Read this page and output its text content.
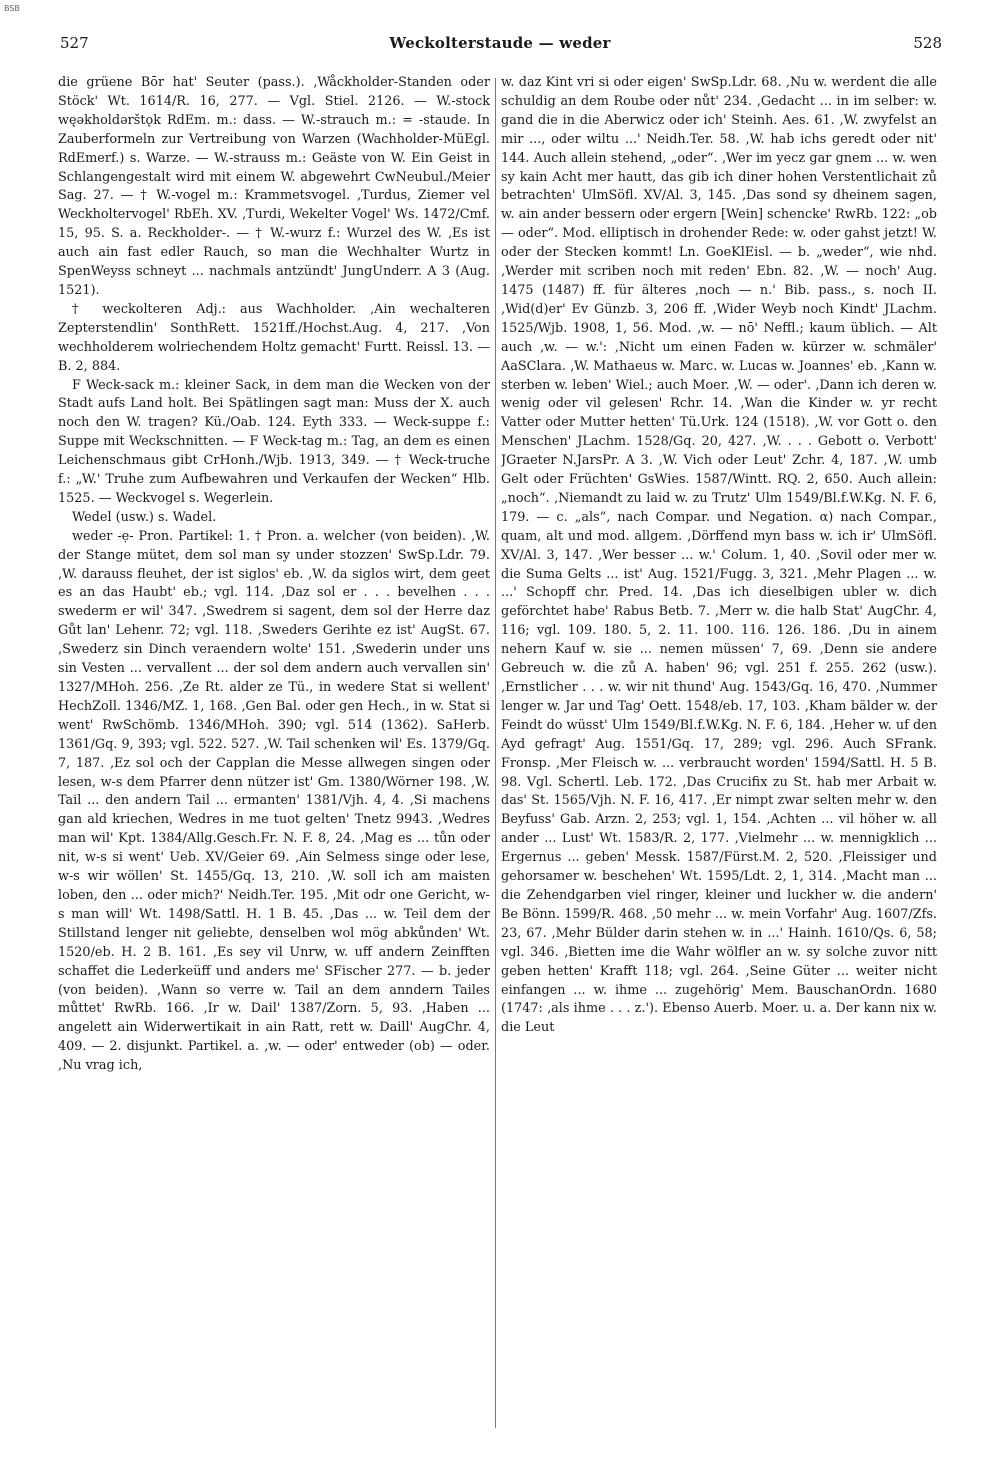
BSB
527	Weckolterstaude — weder	528

die grüene Bōr hat' Seuter (pass.). ‚Wåckholder-Standen oder Stöck' Wt. 1614/R. 16, 277. — Vgl. Stiel. 2126. — W.-stock węəkholdərštǫk RdEm. m.: dass. — W.-strauch m.: = -staude. In Zauberformeln zur Vertreibung von Warzen (Wachholder-MüEgl. RdEmerf.) s. Warze. — W.-strauss m.: Geäste von W. Ein Geist in Schlangengestalt wird mit einem W. abgewehrt CwNeubul./Meier Sag. 27. — † W.-vogel m.: Krammetsvogel. ‚Turdus, Ziemer vel Weckholtervogel' RbEh. XV. ‚Turdi, Wekelter Vogel' Ws. 1472/Cmf. 15, 95. S. a. Reckholder-. — † W.-wurz f.: Wurzel des W. ‚Es ist auch ain fast edler Rauch, so man die Wechhalter Wurtz in SpenWeyss schneyt ... nachmals antzündt' JungUnderr. A 3 (Aug. 1521).

† weckolteren Adj.: aus Wachholder. ‚Ain wechalteren Zepterstendlin' SonthRett. 1521ff./Hochst.Aug. 4, 217. ‚Von wechholderem wolriechendem Holtz gemacht' Furtt. Reissl. 13. — B. 2, 884.

F Weck-sack m.: kleiner Sack, in dem man die Wecken von der Stadt aufs Land holt. Bei Spätlingen sagt man: Muss der X. auch noch den W. tragen? Kü./Oab. 124. Eyth 333. — Weck-suppe f.: Suppe mit Weckschnitten. — F Weck-tag m.: Tag, an dem es einen Leichenschmaus gibt CrHonh./Wjb. 1913, 349. — † Weck-truche f.: „W.' Truhe zum Aufbewahren und Verkaufen der Wecken“ Hlb. 1525. — Weckvogel s. Wegerlein.

Wedel (usw.) s. Wadel.

weder -ẹ- Pron. Partikel: 1. † Pron. a. welcher (von beiden). ‚W. der Stange mütet, dem sol man sy under stozzen' SwSp.Ldr. 79. ‚W. darauss fleuhet, der ist siglos' eb. ‚W. da siglos wirt, dem geet es an das Haubt' eb.; vgl. 114. ‚Daz sol er . . . bevelhen . . . swederm er wil' 347. ‚Swedrem si sagent, dem sol der Herre daz Gůt lan' Lehenr. 72; vgl. 118. ‚Sweders Gerihte ez ist' AugSt. 67. ‚Swederz sin Dinch veraendern wolte' 151. ‚Swederin under uns sin Vesten ... vervallent ... der sol dem andern auch vervallen sin' 1327/MHoh. 256. ‚Ze Rt. alder ze Tü., in wedere Stat si wellent' HechZoll. 1346/MZ. 1, 168. ‚Gen Bal. oder gen Hech., in w. Stat si went' RwSchömb. 1346/MHoh. 390; vgl. 514 (1362). SaHerb. 1361/Gq. 9, 393; vgl. 522. 527. ‚W. Tail schenken wil' Es. 1379/Gq. 7, 187. ‚Ez sol och der Capplan die Messe allwegen singen oder lesen, w-s dem Pfarrer denn nützer ist' Gm. 1380/Wörner 198. ‚W. Tail ... den andern Tail ... ermanten' 1381/Vjh. 4, 4. ‚Si machens gan ald kriechen, Wedres in me tuot gelten' Tnetz 9943. ‚Wedres man wil' Kpt. 1384/Allg.Gesch.Fr. N. F. 8, 24. ‚Mag es ... tůn oder nit, w-s si went' Ueb. XV/Geier 69. ‚Ain Selmess singe oder lese, w-s wir wöllen' St. 1455/Gq. 13, 210. ‚W. soll ich am maisten loben, den ... oder mich?' Neidh.Ter. 195. ‚Mit odr one Gericht, w-s man will' Wt. 1498/Sattl. H. 1 B. 45. ‚Das ... w. Teil dem der Stillstand lenger nit geliebte, denselben wol mög abkůnden' Wt. 1520/eb. H. 2 B. 161. ‚Es sey vil Unrw, w. uff andern Zeinfften schaffet die Lederkeüff und anders me' SFischer 277. — b. jeder (von beiden). ‚Wann so verre w. Tail an dem anndern Tailes můttet' RwRb. 166. ‚Ir w. Dail' 1387/Zorn. 5, 93. ‚Haben ... angelett ain Widerwertikait in ain Ratt, rett w. Daill' AugChr. 4, 409. — 2. disjunkt. Partikel. a. ‚w. — oder' entweder (ob) — oder. ‚Nu vrag ich,

w. daz Kint vri si oder eigen' SwSp.Ldr. 68. ‚Nu w. werdent die alle schuldig an dem Roube oder nůt' 234. ‚Gedacht ... in im selber: w. gand die in die Aberwicz oder ich' Steinh. Aes. 61. ‚W. zwyfelst an mir ..., oder wiltu ...' Neidh.Ter. 58. ‚W. hab ichs geredt oder nit' 144. Auch allein stehend, „oder“. ‚Wer im yecz gar gnem ... w. wen sy kain Acht mer hautt, das gib ich diner hohen Verstentlichait zů betrachten' UlmSöfl. XV/Al. 3, 145. ‚Das sond sy dheinem sagen, w. ain ander bessern oder ergern [Wein] schencke' RwRb. 122: „ob — oder“. Mod. elliptisch in drohender Rede: w. oder gahst jetzt! W. oder der Stecken kommt! Ln. GoeKlEisl. — b. „weder“, wie nhd. ‚Werder mit scriben noch mit reden' Ebn. 82. ‚W. — noch' Aug. 1475 (1487) ff. für älteres ‚noch — n.' Bib. pass., s. noch II. ‚Wid(d)er' Ev Günzb. 3, 206 ff. ‚Wider Weyb noch Kindt' JLachm. 1525/Wjb. 1908, 1, 56. Mod. ‚w. — nō' Neffl.; kaum üblich. — Alt auch ‚w. — w.': ‚Nicht um einen Faden w. kürzer w. schmäler' AaSClara. ‚W. Mathaeus w. Marc. w. Lucas w. Joannes' eb. ‚Kann w. sterben w. leben' Wiel.; auch Moer. ‚W. — oder'. ‚Dann ich deren w. wenig oder vil gelesen' Rchr. 14. ‚Wan die Kinder w. yr recht Vatter oder Mutter hetten' Tü.Urk. 124 (1518). ‚W. vor Gott o. den Menschen' JLachm. 1528/Gq. 20, 427. ‚W. . . . Gebott o. Verbott' JGraeter N.JarsPr. A 3. ‚W. Vich oder Leut' Zchr. 4, 187. ‚W. umb Gelt oder Früchten' GsWies. 1587/Wintt. RQ. 2, 650. Auch allein: „noch“. ‚Niemandt zu laid w. zu Trutz' Ulm 1549/Bl.f.W.Kg. N. F. 6, 179. — c. „als“, nach Compar. und Negation. α) nach Compar., quam, alt und mod. allgem. ‚Dörffend myn bass w. ich ir' UlmSöfl. XV/Al. 3, 147. ‚Wer besser ... w.' Colum. 1, 40. ‚Sovil oder mer w. die Suma Gelts ... ist' Aug. 1521/Fugg. 3, 321. ‚Mehr Plagen ... w. ...' Schopff chr. Pred. 14. ‚Das ich dieselbigen ubler w. dich geförchtet habe' Rabus Betb. 7. ‚Merr w. die halb Stat' AugChr. 4, 116; vgl. 109. 180. 5, 2. 11. 100. 116. 126. 186. ‚Du in ainem nehern Kauf w. sie ... nemen müssen' 7, 69. ‚Denn sie andere Gebreuch w. die zů A. haben' 96; vgl. 251 f. 255. 262 (usw.). ‚Ernstlicher . . . w. wir nit thund' Aug. 1543/Gq. 16, 470. ‚Nummer lenger w. Jar und Tag' Oett. 1548/eb. 17, 103. ‚Kham bälder w. der Feindt do wüsst' Ulm 1549/Bl.f.W.Kg. N. F. 6, 184. ‚Heher w. uf den Ayd gefragt' Aug. 1551/Gq. 17, 289; vgl. 296. Auch SFrank. Fronsp. ‚Mer Fleisch w. ... verbraucht worden' 1594/Sattl. H. 5 B. 98. Vgl. Schertl. Leb. 172. ‚Das Crucifix zu St. hab mer Arbait w. das' St. 1565/Vjh. N. F. 16, 417. ‚Er nimpt zwar selten mehr w. den Beyfuss' Gab. Arzn. 2, 253; vgl. 1, 154. ‚Achten ... vil höher w. all ander ... Lust' Wt. 1583/R. 2, 177. ‚Vielmehr ... w. mennigklich ... Ergernus ... geben' Messk. 1587/Fürst.M. 2, 520. ‚Fleissiger und gehorsamer w. beschehen' Wt. 1595/Ldt. 2, 1, 314. ‚Macht man ... die Zehendgarben viel ringer, kleiner und luckher w. die andern' Be Bönn. 1599/R. 468. ‚50 mehr ... w. mein Vorfahr' Aug. 1607/Zfs. 23, 67. ‚Mehr Bülder darin stehen w. in ...' Hainh. 1610/Qs. 6, 58; vgl. 346. ‚Bietten ime die Wahr wölfler an w. sy solche zuvor nitt geben hetten' Krafft 118; vgl. 264. ‚Seine Güter ... weiter nicht einfangen ... w. ihme ... zugehörig' Mem. BauschanOrdn. 1680 (1747: ‚als ihme . . . z.'). Ebenso Auerb. Moer. u. a. Der kann nix w. die Leut
